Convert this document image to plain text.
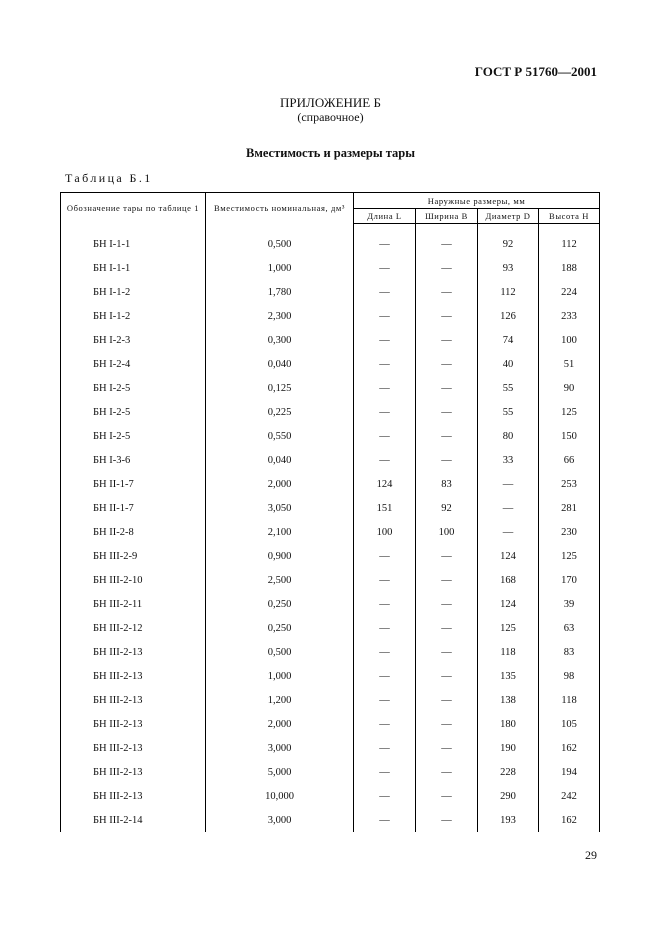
ГОСТ Р 51760—2001
ПРИЛОЖЕНИЕ Б
(справочное)
Вместимость и размеры тары
Таблица Б.1
Обозначение тары по таблице 1	Вместимость номинальная, дм³	Наружные размеры, мм			
		Длина L	Ширина B	Диаметр D	Высота H

БН I-1-1	0,500	—	—	92	112
БН I-1-1	1,000	—	—	93	188
БН I-1-2	1,780	—	—	112	224
БН I-1-2	2,300	—	—	126	233
БН I-2-3	0,300	—	—	74	100
БН I-2-4	0,040	—	—	40	51
БН I-2-5	0,125	—	—	55	90
БН I-2-5	0,225	—	—	55	125
БН I-2-5	0,550	—	—	80	150
БН I-3-6	0,040	—	—	33	66
БН II-1-7	2,000	124	83	—	253
БН II-1-7	3,050	151	92	—	281
БН II-2-8	2,100	100	100	—	230
БН III-2-9	0,900	—	—	124	125
БН III-2-10	2,500	—	—	168	170
БН III-2-11	0,250	—	—	124	39
БН III-2-12	0,250	—	—	125	63
БН III-2-13	0,500	—	—	118	83
БН III-2-13	1,000	—	—	135	98
БН III-2-13	1,200	—	—	138	118
БН III-2-13	2,000	—	—	180	105
БН III-2-13	3,000	—	—	190	162
БН III-2-13	5,000	—	—	228	194
БН III-2-13	10,000	—	—	290	242
БН III-2-14	3,000	—	—	193	162
29
